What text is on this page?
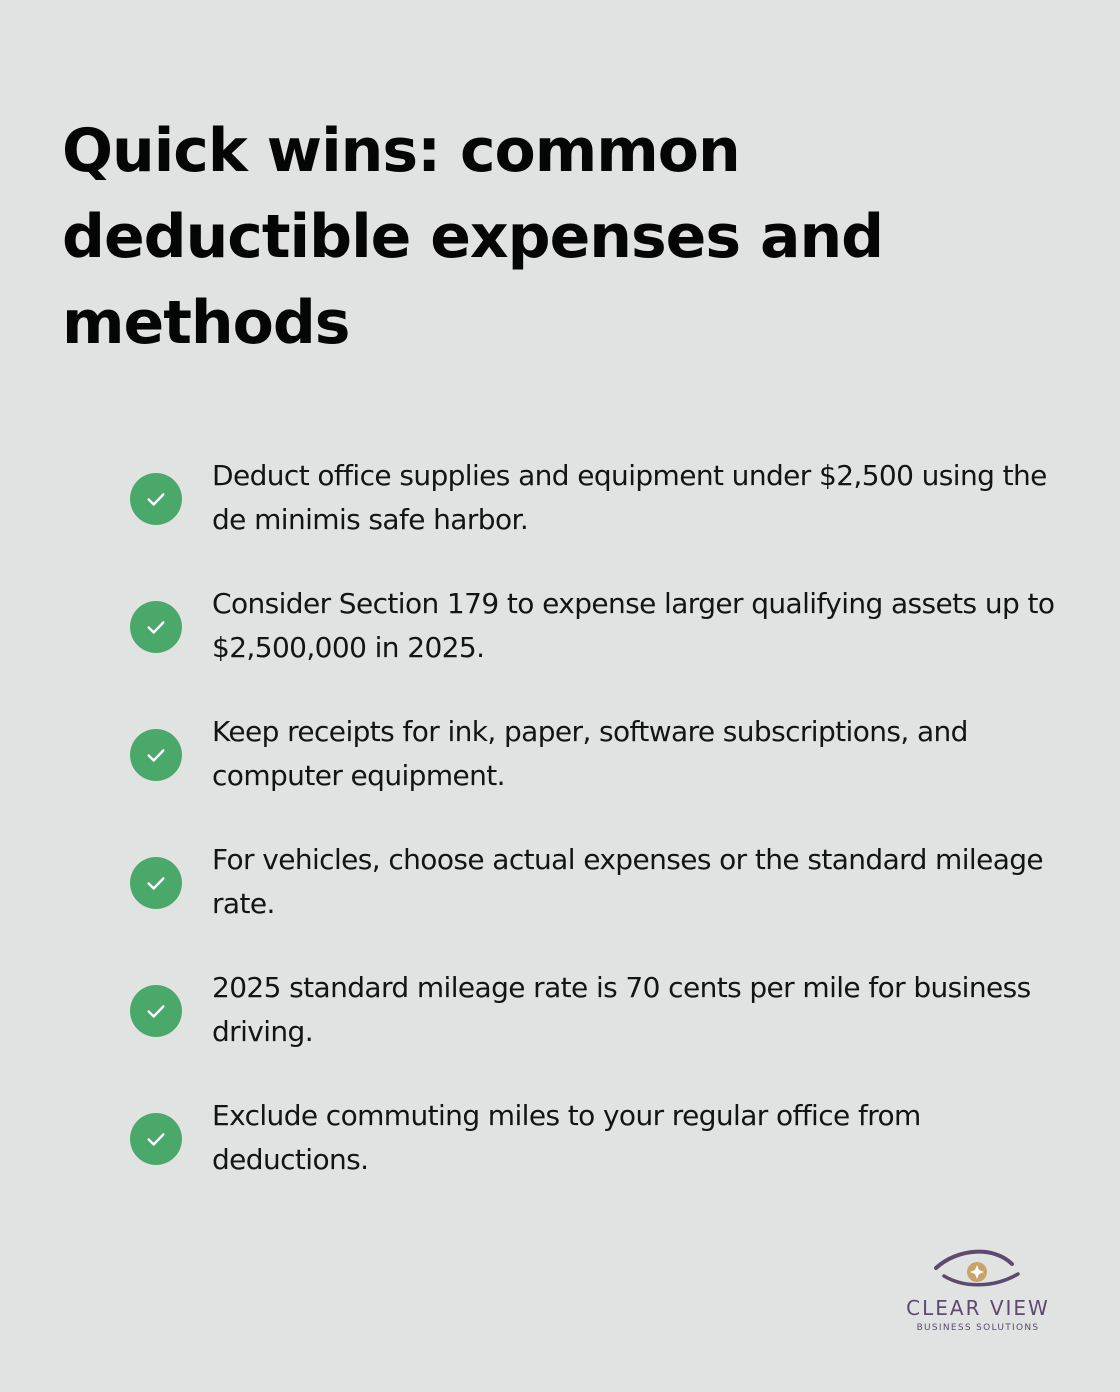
Quick wins: common deductible expenses and methods
Deduct office supplies and equipment under $2,500 using the de minimis safe harbor.
Consider Section 179 to expense larger qualifying assets up to $2,500,000 in 2025.
Keep receipts for ink, paper, software subscriptions, and computer equipment.
For vehicles, choose actual expenses or the standard mileage rate.
2025 standard mileage rate is 70 cents per mile for business driving.
Exclude commuting miles to your regular office from deductions.
CLEAR VIEW
BUSINESS SOLUTIONS
